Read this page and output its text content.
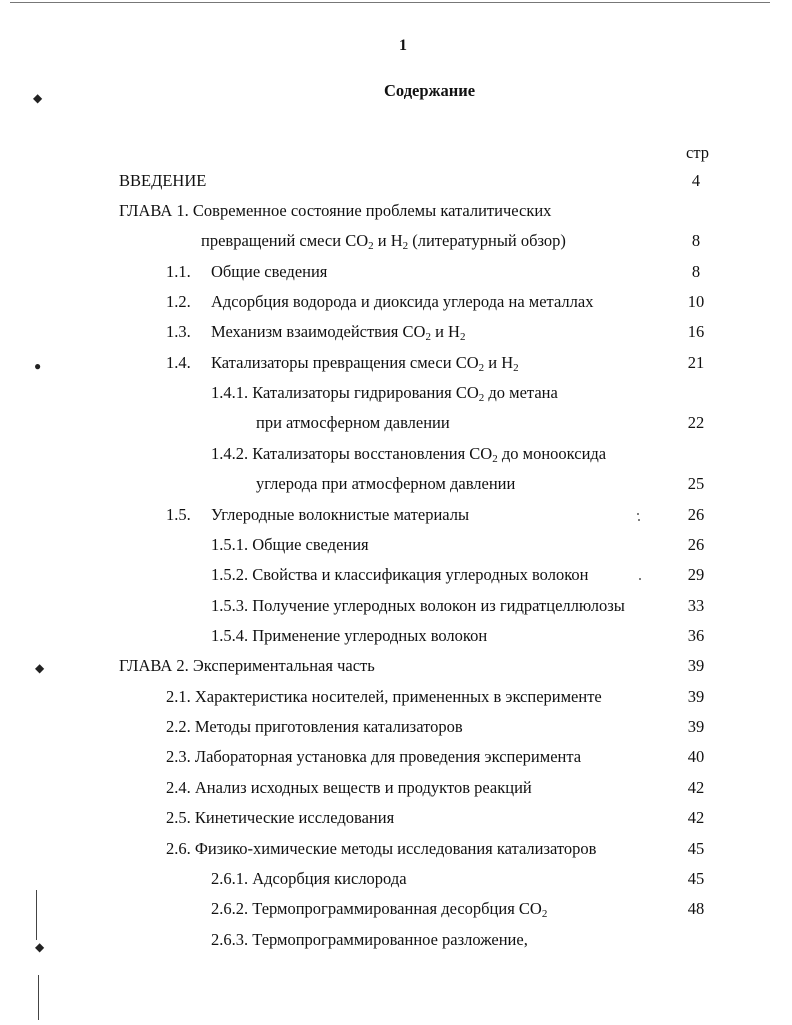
1
Содержание
стр
ВВЕДЕНИЕ	4
ГЛАВА 1. Современное состояние проблемы каталитических
превращений смеси $CO_2$ и $H_2$ (литературный обзор)	8
1.1. Общие сведения	8
1.2. Адсорбция водорода и диоксида углерода на металлах	10
1.3. Механизм взаимодействия $CO_2$ и $H_2$	16
1.4. Катализаторы превращения смеси $CO_2$ и $H_2$	21
1.4.1. Катализаторы гидрирования $CO_2$ до метана
при атмосферном давлении	22
1.4.2. Катализаторы восстановления $CO_2$ до монооксида
углерода при атмосферном давлении	25
1.5. Углеродные волокнистые материалы	26
1.5.1. Общие сведения	26
1.5.2. Свойства и классификация углеродных волокон	29
1.5.3. Получение углеродных волокон из гидратцеллюлозы	33
1.5.4. Применение углеродных волокон	36
ГЛАВА 2. Экспериментальная часть	39
2.1. Характеристика носителей, примененных в эксперименте	39
2.2. Методы приготовления катализаторов	39
2.3. Лабораторная установка для проведения эксперимента	40
2.4. Анализ исходных веществ и продуктов реакций	42
2.5. Кинетические исследования	42
2.6. Физико-химические методы исследования катализаторов	45
2.6.1. Адсорбция кислорода	45
2.6.2. Термопрограммированная десорбция $CO_2$	48
2.6.3. Термопрограммированное разложение,
◆
●
◆
◆
